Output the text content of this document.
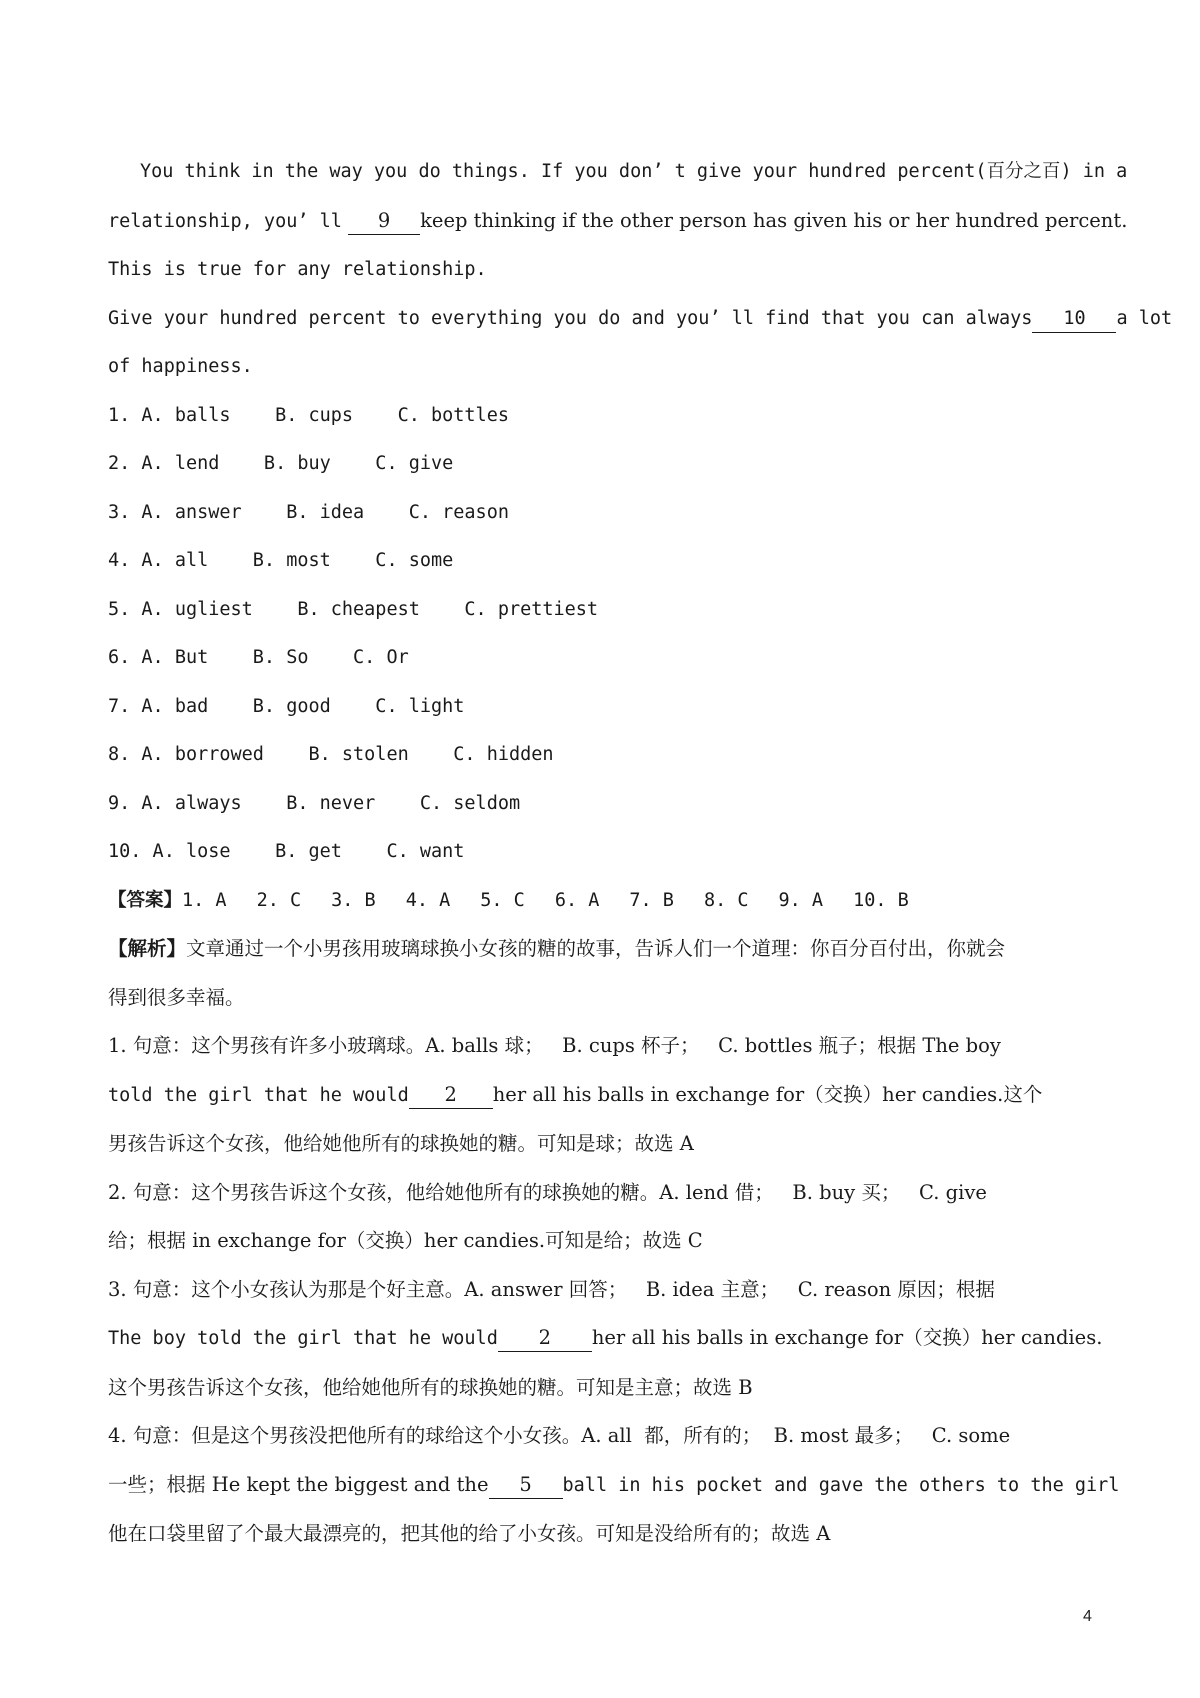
You think in the way you do things. If you don’ t give your hundred percent(百分之百) in a

relationship, you’ ll 9	keep thinking if the other person has given his or her hundred percent.

This is true for any relationship.

Give your hundred percent to everything you do and you’ ll find that you can always 10 a lot

of happiness.

1. A. balls    B. cups    C. bottles

2. A. lend    B. buy    C. give

3. A. answer    B. idea    C. reason

4. A. all    B. most    C. some

5. A. ugliest    B. cheapest    C. prettiest

6. A. But    B. So    C. Or

7. A. bad    B. good    C. light

8. A. borrowed    B. stolen    C. hidden

9. A. always    B. never    C. seldom

10. A. lose    B. get    C. want

【答案】1. A 2. C 3. B 4. A 5. C 6. A 7. B 8. C 9. A 10. B

【解析】文章通过一个小男孩用玻璃球换小女孩的糖的故事，告诉人们一个道理：你百分百付出，你就会

得到很多幸福。

1. 句意：这个男孩有许多小玻璃球。A. balls 球；   B. cups 杯子；   C. bottles 瓶子；根据 The boy

told the girl that he would 2 her all his balls in exchange for（交换）her candies.这个

男孩告诉这个女孩，他给她他所有的球换她的糖。可知是球；故选 A

2. 句意：这个男孩告诉这个女孩，他给她他所有的球换她的糖。A. lend 借；   B. buy 买；   C. give

给；根据 in exchange for（交换）her candies.可知是给；故选 C

3. 句意：这个小女孩认为那是个好主意。A. answer 回答；   B. idea 主意；   C. reason 原因；根据

The boy told the girl that he would 2 her all his balls in exchange for（交换）her candies.

这个男孩告诉这个女孩，他给她他所有的球换她的糖。可知是主意；故选 B

4. 句意：但是这个男孩没把他所有的球给这个小女孩。A. all  都，所有的；  B. most 最多；   C. some

一些；根据 He kept the biggest and the 5 ball in his pocket and gave the others to the girl

他在口袋里留了个最大最漂亮的，把其他的给了小女孩。可知是没给所有的；故选 A

4
